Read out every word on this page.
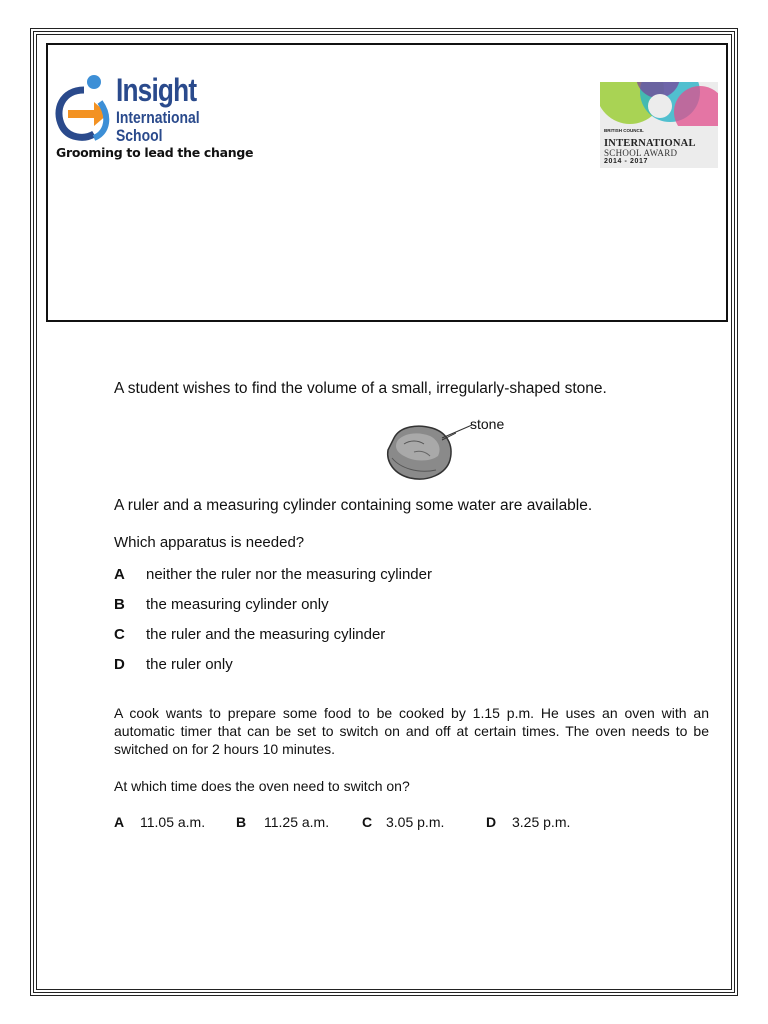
Insight
International
School
Grooming to lead the change
BRITISH COUNCIL
INTERNATIONAL
SCHOOL AWARD
2014 - 2017
A student wishes to find the volume of a small, irregularly-shaped stone.
stone
A ruler and a measuring cylinder containing some water are available.
Which apparatus is needed?
A neither the ruler nor the measuring cylinder
B the measuring cylinder only
C the ruler and the measuring cylinder
D the ruler only
A cook wants to prepare some food to be cooked by 1.15 p.m. He uses an oven with an automatic timer that can be set to switch on and off at certain times. The oven needs to be switched on for 2 hours 10 minutes.
At which time does the oven need to switch on?
A 11.05 a.m. B 11.25 a.m. C 3.05 p.m.	D 3.25 p.m.
